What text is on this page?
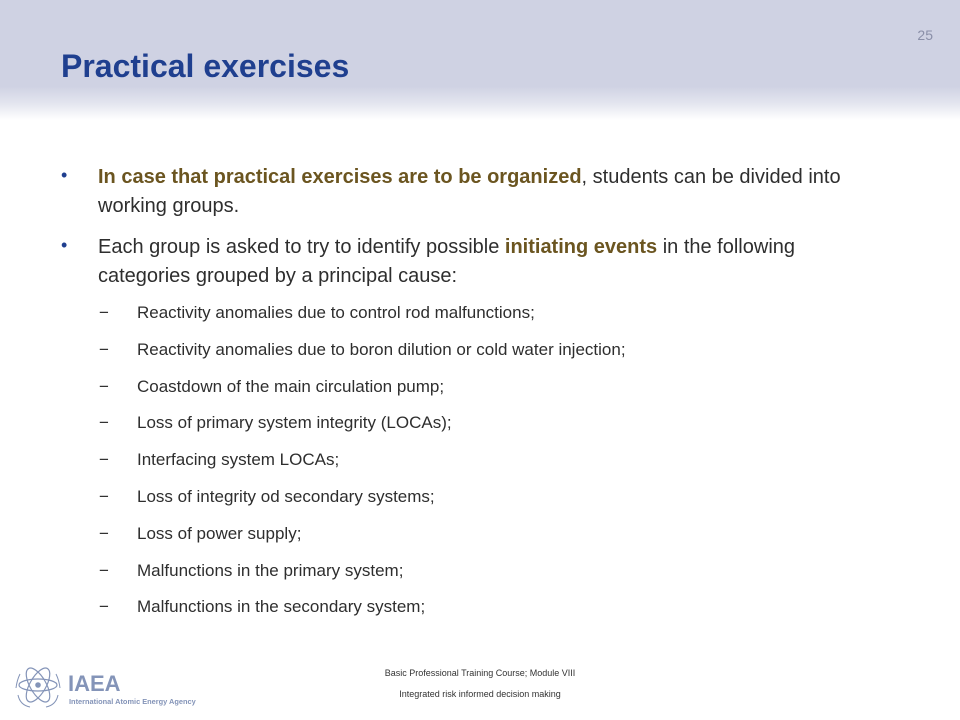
25
Practical exercises
• In case that practical exercises are to be organized, students can be divided into working groups.
• Each group is asked to try to identify possible initiating events in the following categories grouped by a principal cause:
− Reactivity anomalies due to control rod malfunctions;
− Reactivity anomalies due to boron dilution or cold water injection;
− Coastdown of the main circulation pump;
− Loss of primary system integrity (LOCAs);
− Interfacing system LOCAs;
− Loss of integrity od secondary systems;
− Loss of power supply;
− Malfunctions in the primary system;
− Malfunctions in the secondary system;
IAEA
International Atomic Energy Agency
Basic Professional Training Course; Module VIII
Integrated risk informed decision making
